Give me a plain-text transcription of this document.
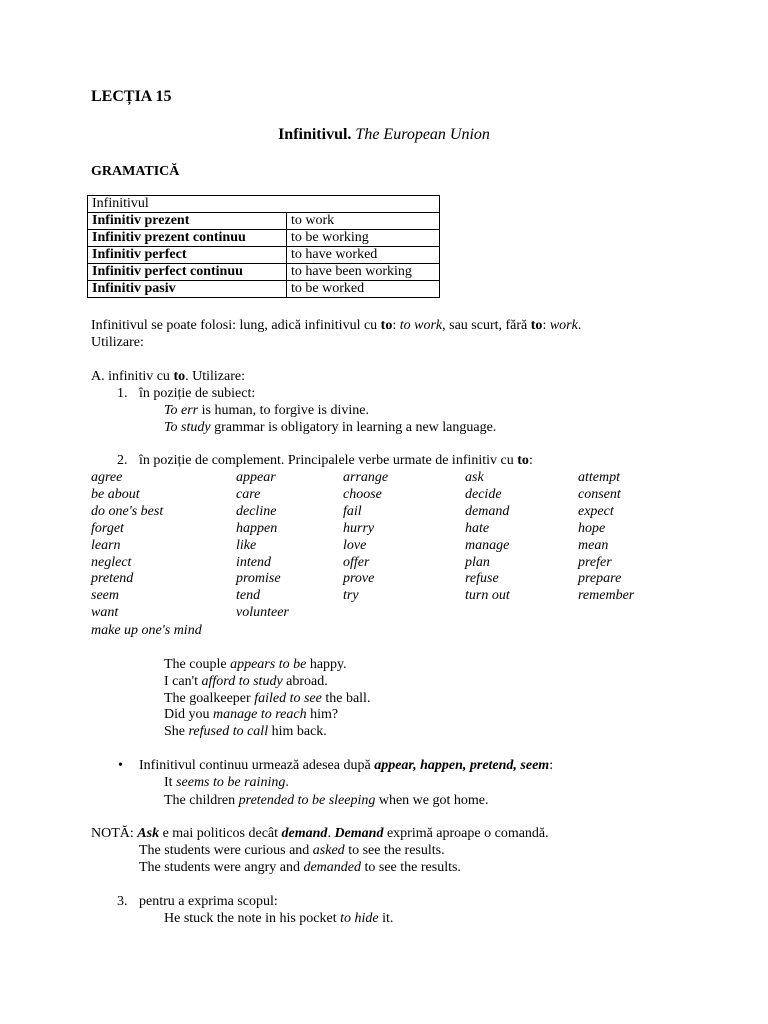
LECȚIA 15
Infinitivul. The European Union
GRAMATICĂ
Infinitivul	
Infinitiv prezent	to work
Infinitiv prezent continuu	to be working
Infinitiv perfect	to have worked
Infinitiv perfect continuu	to have been working
Infinitiv pasiv	to be worked
Infinitivul se poate folosi: lung, adică infinitivul cu to: to work, sau scurt, fără to: work.
Utilizare:
A. infinitiv cu to. Utilizare:
1. în poziție de subiect:
To err is human, to forgive is divine.
To study grammar is obligatory in learning a new language.
2. în poziție de complement. Principalele verbe urmate de infinitiv cu to:
agree	appear	arrange	ask	attempt
be about	care	choose	decide	consent
do one's best	decline	fail	demand	expect
forget	happen	hurry	hate	hope
learn	like	love	manage	mean
neglect	intend	offer	plan	prefer
pretend	promise	prove	refuse	prepare
seem	tend	try	turn out	remember
want	volunteer
make up one's mind
The couple appears to be happy.
I can't afford to study abroad.
The goalkeeper failed to see the ball.
Did you manage to reach him?
She refused to call him back.
• Infinitivul continuu urmează adesea după appear, happen, pretend, seem:
It seems to be raining.
The children pretended to be sleeping when we got home.
NOTĂ: Ask e mai politicos decât demand. Demand exprimă aproape o comandă.
The students were curious and asked to see the results.
The students were angry and demanded to see the results.
3. pentru a exprima scopul:
He stuck the note in his pocket to hide it.
